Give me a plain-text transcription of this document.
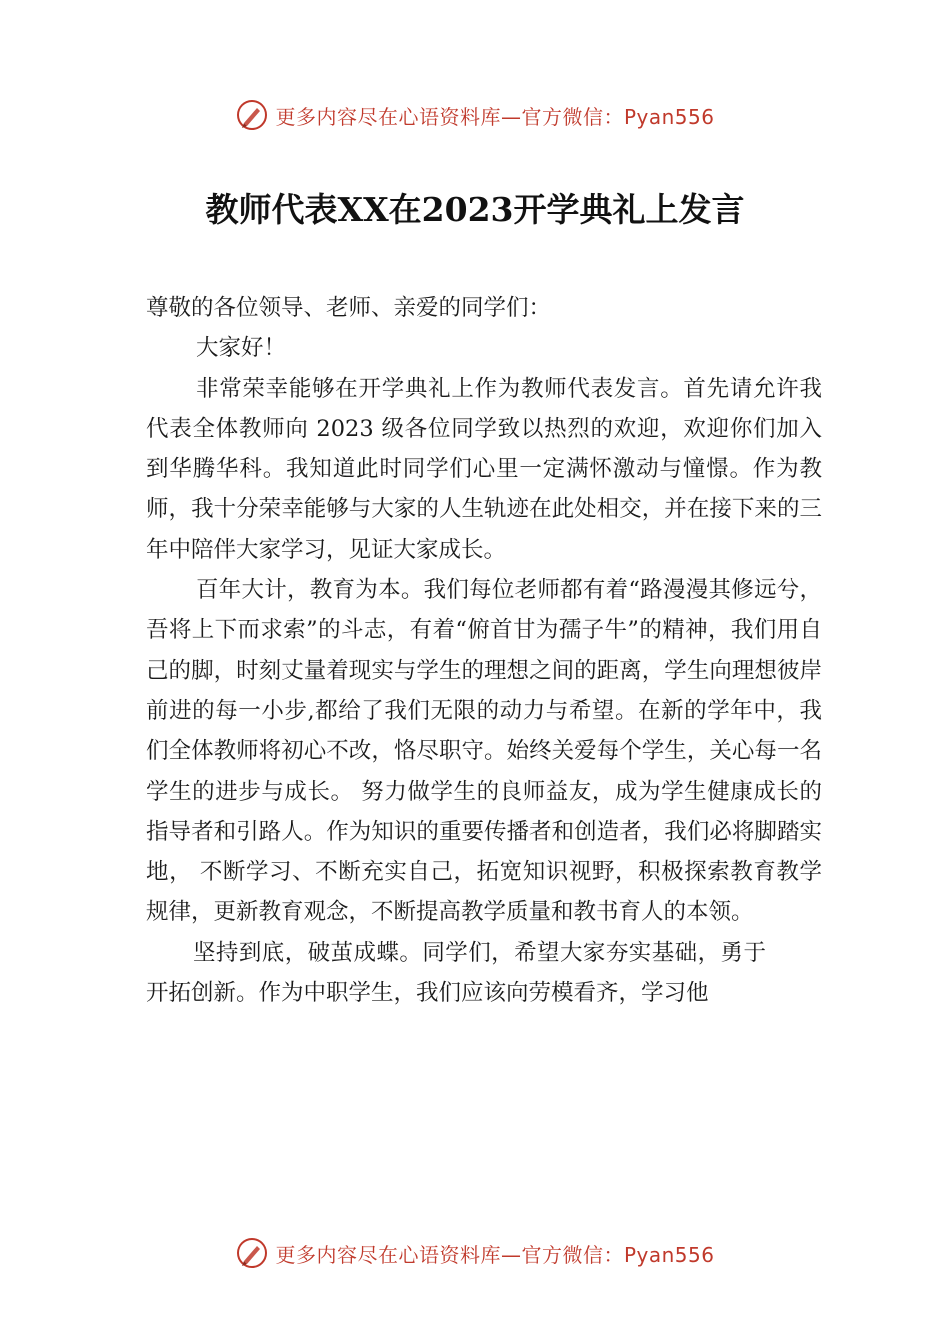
更多内容尽在心语资料库—官方微信：Pyan556
教师代表XX在2023开学典礼上发言

尊敬的各位领导、老师、亲爱的同学们：

大家好！

非常荣幸能够在开学典礼上作为教师代表发言。首先请允许我代表全体教师向 2023 级各位同学致以热烈的欢迎，欢迎你们加入到华腾华科。我知道此时同学们心里一定满怀激动与憧憬。作为教师，我十分荣幸能够与大家的人生轨迹在此处相交，并在接下来的三年中陪伴大家学习，见证大家成长。

百年大计，教育为本。我们每位老师都有着“路漫漫其修远兮，吾将上下而求索”的斗志，有着“俯首甘为孺子牛”的精神，我们用自己的脚，时刻丈量着现实与学生的理想之间的距离，学生向理想彼岸前进的每一小步,都给了我们无限的动力与希望。在新的学年中，我们全体教师将初心不改，恪尽职守。始终关爱每个学生，关心每一名学生的进步与成长。 努力做学生的良师益友，成为学生健康成长的指导者和引路人。作为知识的重要传播者和创造者，我们必将脚踏实地， 不断学习、不断充实自己，拓宽知识视野，积极探索教育教学规律，更新教育观念，不断提高教学质量和教书育人的本领。

坚持到底，破茧成蝶。同学们，希望大家夯实基础，勇于开拓创新。作为中职学生，我们应该向劳模看齐，学习他

更多内容尽在心语资料库—官方微信：Pyan556
